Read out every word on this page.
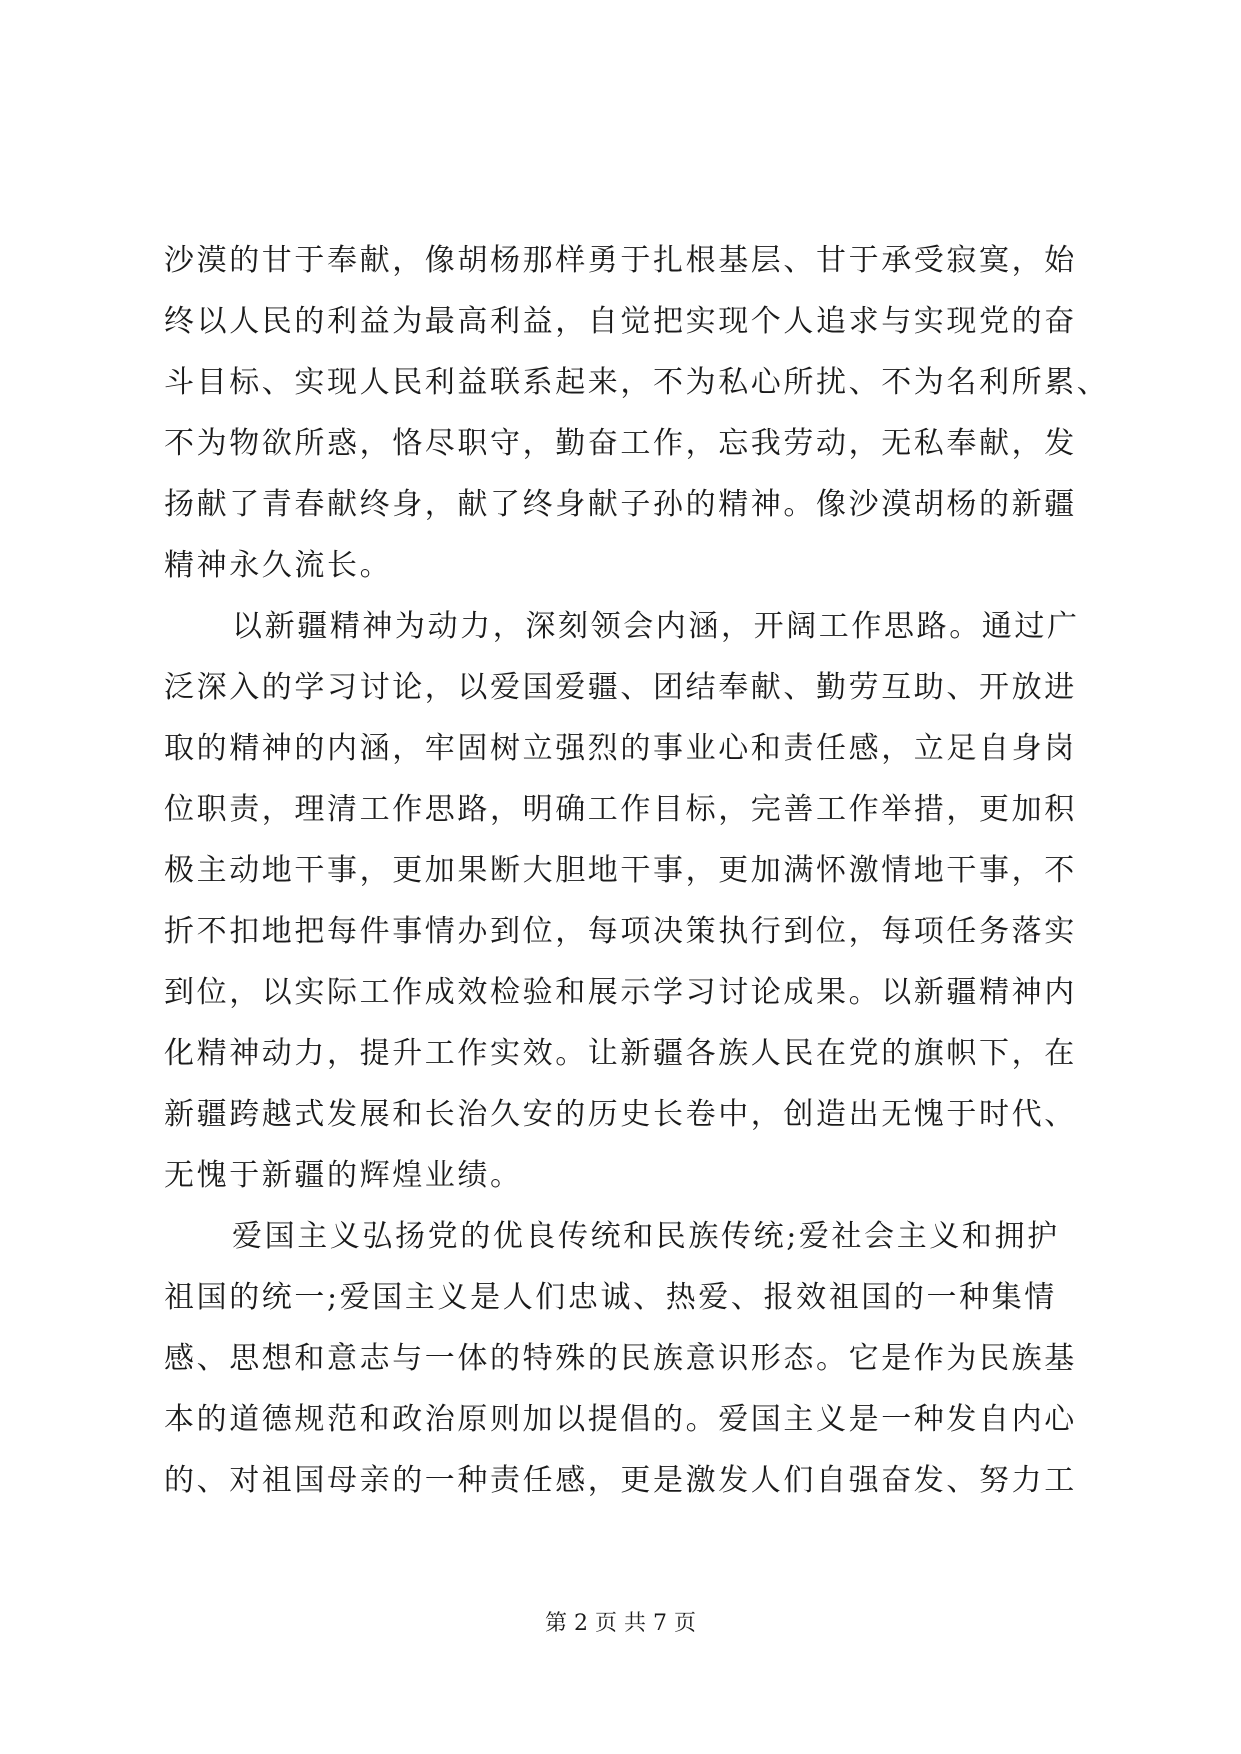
沙漠的甘于奉献，像胡杨那样勇于扎根基层、甘于承受寂寞，始
终以人民的利益为最高利益，自觉把实现个人追求与实现党的奋
斗目标、实现人民利益联系起来，不为私心所扰、不为名利所累、
不为物欲所惑，恪尽职守，勤奋工作，忘我劳动，无私奉献，发
扬献了青春献终身，献了终身献子孙的精神。像沙漠胡杨的新疆
精神永久流长。
以新疆精神为动力，深刻领会内涵，开阔工作思路。通过广
泛深入的学习讨论，以爱国爱疆、团结奉献、勤劳互助、开放进
取的精神的内涵，牢固树立强烈的事业心和责任感，立足自身岗
位职责，理清工作思路，明确工作目标，完善工作举措，更加积
极主动地干事，更加果断大胆地干事，更加满怀激情地干事，不
折不扣地把每件事情办到位，每项决策执行到位，每项任务落实
到位，以实际工作成效检验和展示学习讨论成果。以新疆精神内
化精神动力，提升工作实效。让新疆各族人民在党的旗帜下，在
新疆跨越式发展和长治久安的历史长卷中，创造出无愧于时代、
无愧于新疆的辉煌业绩。
爱国主义弘扬党的优良传统和民族传统;爱社会主义和拥护
祖国的统一;爱国主义是人们忠诚、热爱、报效祖国的一种集情
感、思想和意志与一体的特殊的民族意识形态。它是作为民族基
本的道德规范和政治原则加以提倡的。爱国主义是一种发自内心
的、对祖国母亲的一种责任感，更是激发人们自强奋发、努力工
第 2 页 共 7 页
